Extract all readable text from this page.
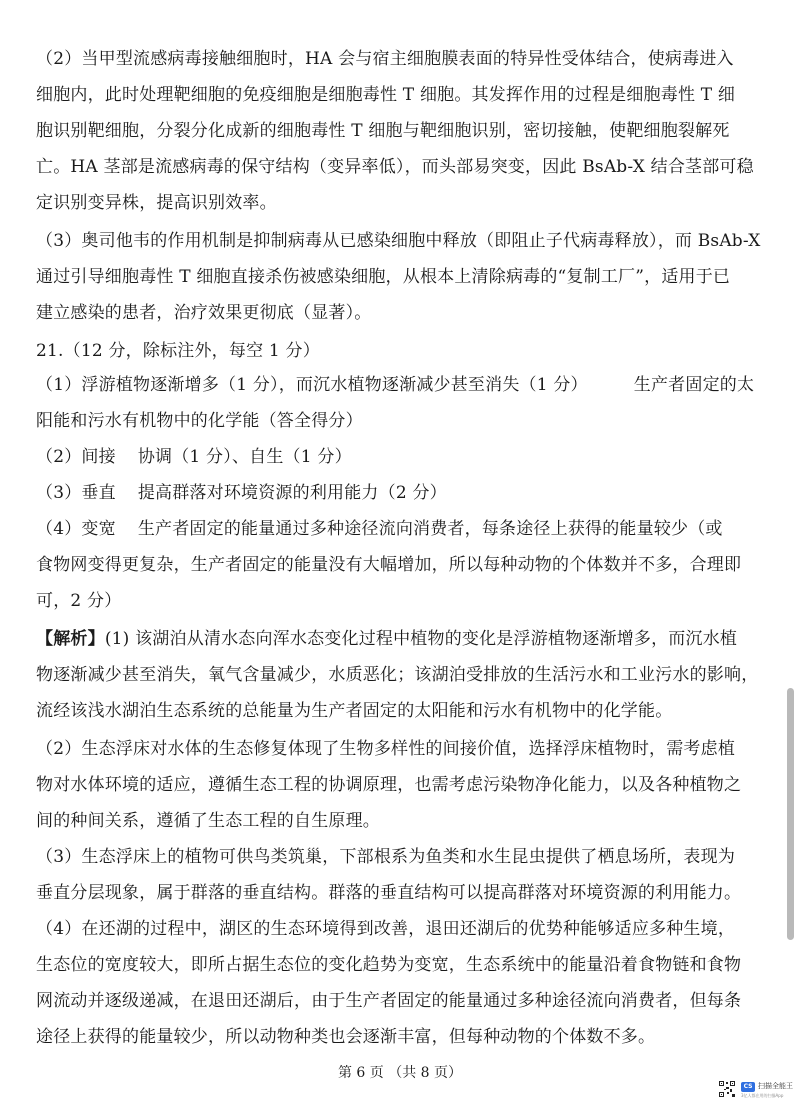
（2）当甲型流感病毒接触细胞时，HA 会与宿主细胞膜表面的特异性受体结合，使病毒进入
细胞内，此时处理靶细胞的免疫细胞是细胞毒性 T 细胞。其发挥作用的过程是细胞毒性 T 细
胞识别靶细胞，分裂分化成新的细胞毒性 T 细胞与靶细胞识别，密切接触，使靶细胞裂解死
亡。HA 茎部是流感病毒的保守结构（变异率低），而头部易突变，因此 BsAb-X 结合茎部可稳
定识别变异株，提高识别效率。
（3）奥司他韦的作用机制是抑制病毒从已感染细胞中释放（即阻止子代病毒释放），而 BsAb-X
通过引导细胞毒性 T 细胞直接杀伤被感染细胞，从根本上清除病毒的“复制工厂”，适用于已
建立感染的患者，治疗效果更彻底（显著）。
21.（12 分，除标注外，每空 1 分）
（1）浮游植物逐渐增多（1 分），而沉水植物逐渐减少甚至消失（1 分）	生产者固定的太
阳能和污水有机物中的化学能（答全得分）
（2）间接 协调（1 分）、自生（1 分）
（3）垂直 提高群落对环境资源的利用能力（2 分）
（4）变宽 生产者固定的能量通过多种途径流向消费者，每条途径上获得的能量较少（或
食物网变得更复杂，生产者固定的能量没有大幅增加，所以每种动物的个体数并不多，合理即
可，2 分）
【解析】(1) 该湖泊从清水态向浑水态变化过程中植物的变化是浮游植物逐渐增多，而沉水植
物逐渐减少甚至消失，氧气含量减少，水质恶化；该湖泊受排放的生活污水和工业污水的影响，
流经该浅水湖泊生态系统的总能量为生产者固定的太阳能和污水有机物中的化学能。
（2）生态浮床对水体的生态修复体现了生物多样性的间接价值，选择浮床植物时，需考虑植
物对水体环境的适应，遵循生态工程的协调原理，也需考虑污染物净化能力，以及各种植物之
间的种间关系，遵循了生态工程的自生原理。
（3）生态浮床上的植物可供鸟类筑巢，下部根系为鱼类和水生昆虫提供了栖息场所，表现为
垂直分层现象，属于群落的垂直结构。群落的垂直结构可以提高群落对环境资源的利用能力。
（4）在还湖的过程中，湖区的生态环境得到改善，退田还湖后的优势种能够适应多种生境，
生态位的宽度较大，即所占据生态位的变化趋势为变宽，生态系统中的能量沿着食物链和食物
网流动并逐级递减，在退田还湖后，由于生产者固定的能量通过多种途径流向消费者，但每条
途径上获得的能量较少，所以动物种类也会逐渐丰富，但每种动物的个体数不多。
第 6 页 （共 8 页）
CS 扫描全能王
3亿人都在用的扫描App
